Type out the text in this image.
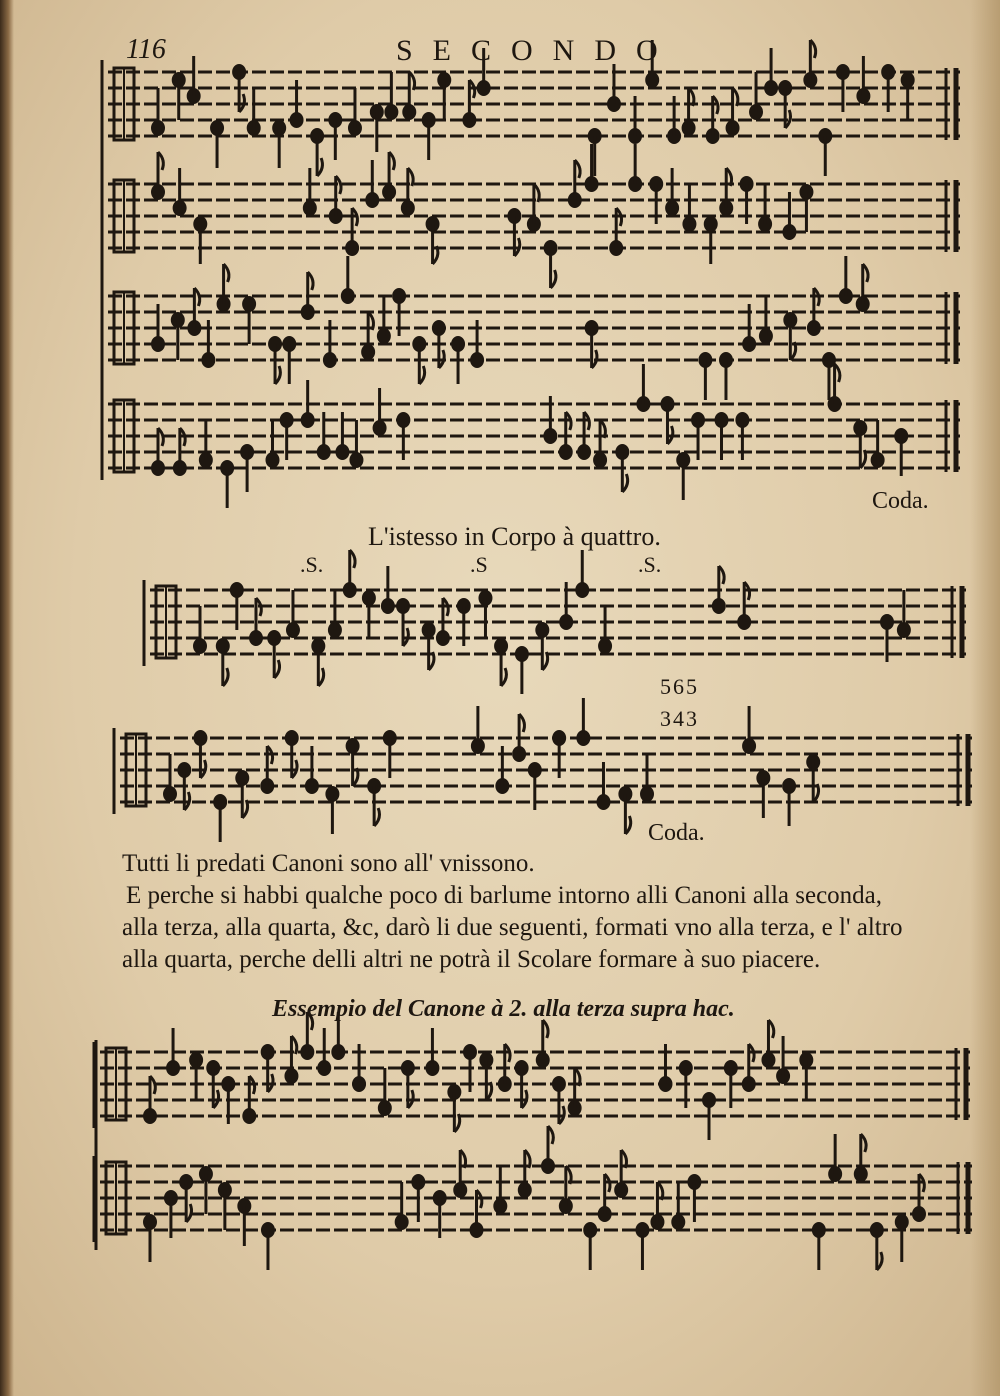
116	SECONDO
Coda.
L'istesso in Corpo à quattro.
.S.	.S	.S.
565
343
Coda.

Tutti li predati Canoni sono all' vnissono.

E perche si habbi qualche poco di barlume intorno alli Canoni alla seconda,

alla terza, alla quarta, &c, darò li due seguenti, formati vno alla terza, e l' altro

alla quarta, perche delli altri ne potrà il Scolare formare à suo piacere.

Essempio del Canone à 2. alla terza supra hac.
